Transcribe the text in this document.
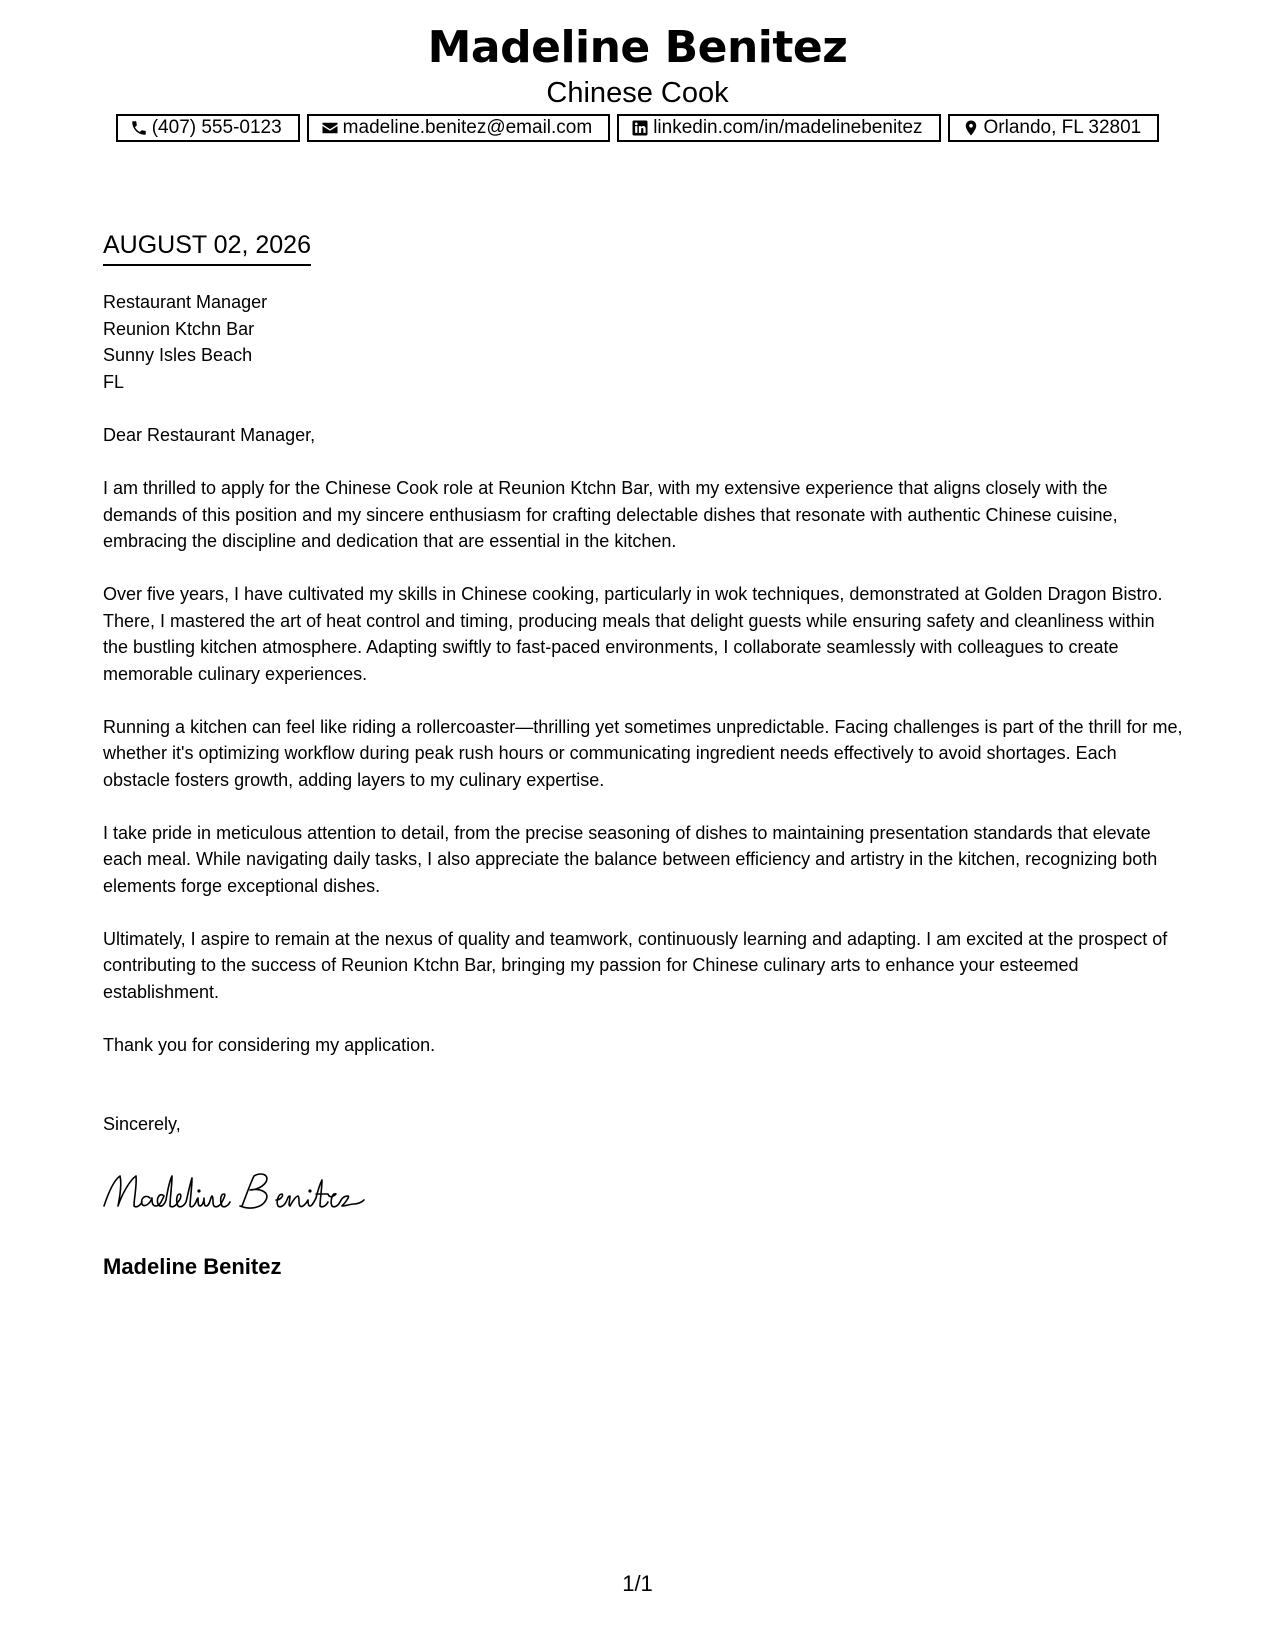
Madeline Benitez
Chinese Cook
(407) 555-0123	madeline.benitez@email.com	linkedin.com/in/madelinebenitez	Orlando, FL 32801
AUGUST 02, 2026
Restaurant Manager
Reunion Ktchn Bar
Sunny Isles Beach
FL

Dear Restaurant Manager,

I am thrilled to apply for the Chinese Cook role at Reunion Ktchn Bar, with my extensive experience that aligns closely with the demands of this position and my sincere enthusiasm for crafting delectable dishes that resonate with authentic Chinese cuisine, embracing the discipline and dedication that are essential in the kitchen.

Over five years, I have cultivated my skills in Chinese cooking, particularly in wok techniques, demonstrated at Golden Dragon Bistro. There, I mastered the art of heat control and timing, producing meals that delight guests while ensuring safety and cleanliness within the bustling kitchen atmosphere. Adapting swiftly to fast-paced environments, I collaborate seamlessly with colleagues to create memorable culinary experiences.

Running a kitchen can feel like riding a rollercoaster—thrilling yet sometimes unpredictable. Facing challenges is part of the thrill for me, whether it's optimizing workflow during peak rush hours or communicating ingredient needs effectively to avoid shortages. Each obstacle fosters growth, adding layers to my culinary expertise.

I take pride in meticulous attention to detail, from the precise seasoning of dishes to maintaining presentation standards that elevate each meal. While navigating daily tasks, I also appreciate the balance between efficiency and artistry in the kitchen, recognizing both elements forge exceptional dishes.

Ultimately, I aspire to remain at the nexus of quality and teamwork, continuously learning and adapting. I am excited at the prospect of contributing to the success of Reunion Ktchn Bar, bringing my passion for Chinese culinary arts to enhance your esteemed establishment.

Thank you for considering my application.

Sincerely,
Madeline Benitez
1/1
